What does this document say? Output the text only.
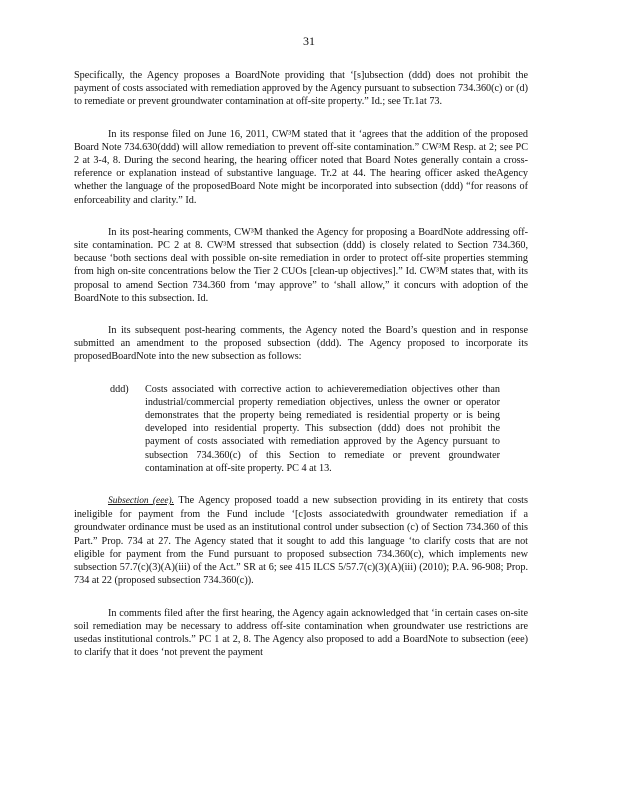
31

Specifically, the Agency proposes a BoardNote providing that ‘[s]ubsection (ddd) does not prohibit the payment of costs associated with remediation approved by the Agency pursuant to subsection 734.360(c) or (d) to remediate or prevent groundwater contamination at off-site property.” Id.; see Tr.1at 73.

In its response filed on June 16, 2011, CW³M stated that it ‘agrees that the addition of the proposed Board Note 734.630(ddd) will allow remediation to prevent off-site contamination.” CW³M Resp. at 2; see PC 2 at 3-4, 8. During the second hearing, the hearing officer noted that Board Notes generally contain a cross-reference or explanation instead of substantive language. Tr.2 at 44. The hearing officer asked theAgency whether the language of the proposedBoard Note might be incorporated into subsection (ddd) “for reasons of enforceability and clarity.” Id.

In its post-hearing comments, CW³M thanked the Agency for proposing a BoardNote addressing off-site contamination. PC 2 at 8. CW³M stressed that subsection (ddd) is closely related to Section 734.360, because ‘both sections deal with possible on-site remediation in order to protect off-site properties stemming from high on-site concentrations below the Tier 2 CUOs [clean-up objectives].” Id. CW³M states that, with its proposal to amend Section 734.360 from ‘may approve” to ‘shall allow,” it concurs with adoption of the BoardNote to this subsection. Id.

In its subsequent post-hearing comments, the Agency noted the Board’s question and in response submitted an amendment to the proposed subsection (ddd). The Agency proposed to incorporate its proposedBoardNote into the new subsection as follows:

ddd)	Costs associated with corrective action to achieveremediation objectives other than industrial/commercial property remediation objectives, unless the owner or operator demonstrates that the property being remediated is residential property or is being developed into residential property. This subsection (ddd) does not prohibit the payment of costs associated with remediation approved by the Agency pursuant to subsection 734.360(c) of this Section to remediate or prevent groundwater contamination at off-site property. PC 4 at 13.

Subsection (eee). The Agency proposed toadd a new subsection providing in its entirety that costs ineligible for payment from the Fund include ‘[c]osts associatedwith groundwater remediation if a groundwater ordinance must be used as an institutional control under subsection (c) of Section 734.360 of this Part.” Prop. 734 at 27. The Agency stated that it sought to add this language ‘to clarify costs that are not eligible for payment from the Fund pursuant to proposed subsection 734.360(c), which implements new subsection 57.7(c)(3)(A)(iii) of the Act.” SR at 6; see 415 ILCS 5/57.7(c)(3)(A)(iii) (2010); P.A. 96-908; Prop. 734 at 22 (proposed subsection 734.360(c)).

In comments filed after the first hearing, the Agency again acknowledged that ‘in certain cases on-site soil remediation may be necessary to address off-site contamination when groundwater use restrictions are usedas institutional controls.” PC 1 at 2, 8. The Agency also proposed to add a BoardNote to subsection (eee) to clarify that it does ‘not prevent the payment
